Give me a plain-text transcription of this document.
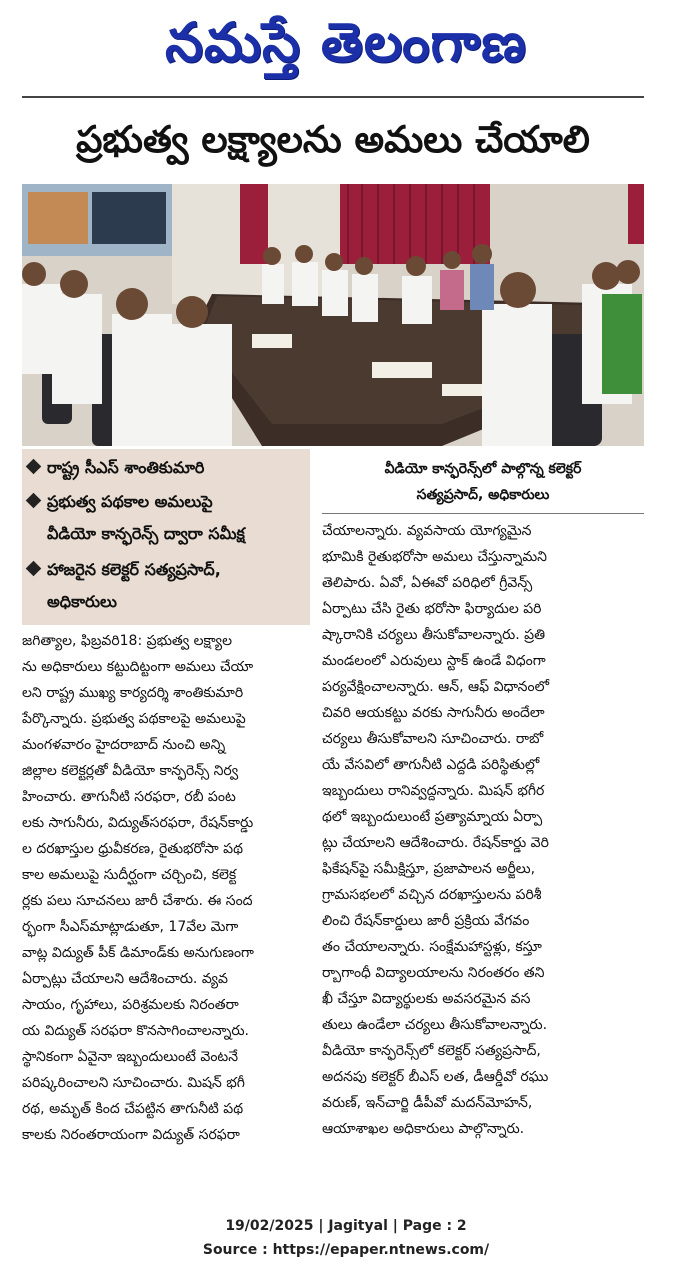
నమస్తే తెలంగాణ
ప్రభుత్వ లక్ష్యాలను అమలు చేయాలి
రాష్ట్ర సీఎస్ శాంతికుమారి
ప్రభుత్వ పథకాల అమలుపై
వీడియో కాన్ఫరెన్స్ ద్వారా సమీక్ష
హాజరైన కలెక్టర్ సత్యప్రసాద్,
అధికారులు
వీడియో కాన్ఫరెన్స్‌లో పాల్గొన్న కలెక్టర్
సత్యప్రసాద్, అధికారులు
జగిత్యాల, ఫిబ్రవరి18: ప్రభుత్వ లక్ష్యాల
ను అధికారులు కట్టుదిట్టంగా అమలు చేయా
లని రాష్ట్ర ముఖ్య కార్యదర్శి శాంతికుమారి
పేర్కొన్నారు. ప్రభుత్వ పథకాలపై అమలుపై
మంగళవారం హైదరాబాద్ నుంచి అన్ని
జిల్లాల కలెక్టర్లతో వీడియో కాన్ఫరెన్స్ నిర్వ
హించారు. తాగునీటి సరఫరా, రబీ పంట
లకు సాగునీరు, విద్యుత్‌సరఫరా, రేషన్‌కార్డు
ల దరఖాస్తుల ధ్రువీకరణ, రైతుభరోసా పథ
కాల అమలుపై సుదీర్ఘంగా చర్చించి, కలెక్ట
ర్లకు పలు సూచనలు జారీ చేశారు. ఈ సంద
ర్భంగా సీఎస్‌మాట్లాడుతూ, 17వేల మెగా
వాట్ల విద్యుత్ పీక్ డిమాండ్‌కు అనుగుణంగా
ఏర్పాట్లు చేయాలని ఆదేశించారు. వ్యవ
సాయం, గృహాలు, పరిశ్రమలకు నిరంతరా
య విద్యుత్ సరఫరా కొనసాగించాలన్నారు.
స్థానికంగా ఏవైనా ఇబ్బందులుంటే వెంటనే
పరిష్కరించాలని సూచించారు. మిషన్ భగీ
రథ, అమృత్ కింద చేపట్టిన తాగునీటి పథ
కాలకు నిరంతరాయంగా విద్యుత్ సరఫరా
చేయాలన్నారు. వ్యవసాయ యోగ్యమైన
భూమికి రైతుభరోసా అమలు చేస్తున్నామని
తెలిపారు. ఏవో, ఏఈవో పరిధిలో గ్రీవెన్స్
ఏర్పాటు చేసి రైతు భరోసా ఫిర్యాదుల పరి
ష్కారానికి చర్యలు తీసుకోవాలన్నారు. ప్రతి
మండలంలో ఎరువులు స్టాక్ ఉండే విధంగా
పర్యవేక్షించాలన్నారు. ఆన్, ఆఫ్ విధానంలో
చివరి ఆయకట్టు వరకు సాగునీరు అందేలా
చర్యలు తీసుకోవాలని సూచించారు. రాబో
యే వేసవిలో తాగునీటి ఎద్దడి పరిస్థితుల్లో
ఇబ్బందులు రానివ్వద్దన్నారు. మిషన్ భగీర
థలో ఇబ్బందులుంటే ప్రత్యామ్నాయ ఏర్పా
ట్లు చేయాలని ఆదేశించారు. రేషన్‌కార్డు వెరి
ఫికేషన్‌పై సమీక్షిస్తూ, ప్రజాపాలన అర్జీలు,
గ్రామసభలలో వచ్చిన దరఖాస్తులను పరిశీ
లించి రేషన్‌కార్డులు జారీ ప్రక్రియ వేగవం
తం చేయాలన్నారు. సంక్షేమహాస్టళ్లు, కస్తూ
ర్బాగాంధీ విద్యాలయాలను నిరంతరం తని
ఖీ చేస్తూ విద్యార్థులకు అవసరమైన వస
తులు ఉండేలా చర్యలు తీసుకోవాలన్నారు.
వీడియో కాన్ఫరెన్స్‌లో కలెక్టర్ సత్యప్రసాద్,
అదనపు కలెక్టర్ బీఎస్ లత, డీఆర్డీవో రఘు
వరుణ్, ఇన్‌చార్జి డీపీవో మదన్‌మోహన్,
ఆయాశాఖల అధికారులు పాల్గొన్నారు.
19/02/2025 | Jagityal | Page : 2
Source : https://epaper.ntnews.com/
